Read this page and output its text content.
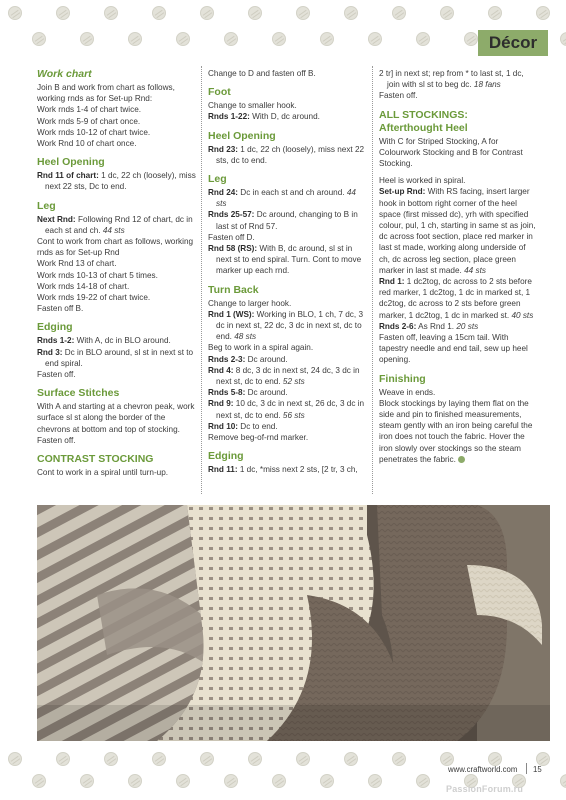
Décor
Work chart
Join B and work from chart as follows,
working rnds as for Set-up Rnd:
Work rnds 1-4 of chart twice.
Work rnds 5-9 of chart once.
Work rnds 10-12 of chart twice.
Work Rnd 10 of chart once.
Heel Opening
Rnd 11 of chart: 1 dc, 22 ch (loosely), miss next 22 sts, Dc to end.
Leg
Next Rnd: Following Rnd 12 of chart, dc in each st and ch. 44 sts
Cont to work from chart as follows, working rnds as for Set-up Rnd
Work Rnd 13 of chart.
Work rnds 10-13 of chart 5 times.
Work rnds 14-18 of chart.
Work rnds 19-22 of chart twice.
Fasten off B.
Edging
Rnds 1-2: With A, dc in BLO around.
Rnd 3: Dc in BLO around, sl st in next st to end spiral.
Fasten off.
Surface Stitches
With A and starting at a chevron peak, work surface sl st along the border of the chevrons at bottom and top of stocking. Fasten off.
CONTRAST STOCKING
Cont to work in a spiral until turn-up.
Change to D and fasten off B.
Foot
Change to smaller hook.
Rnds 1-22: With D, dc around.
Heel Opening
Rnd 23: 1 dc, 22 ch (loosely), miss next 22 sts, dc to end.
Leg
Rnd 24: Dc in each st and ch around. 44 sts
Rnds 25-57: Dc around, changing to B in last st of Rnd 57.
Fasten off D.
Rnd 58 (RS): With B, dc around, sl st in next st to end spiral. Turn. Cont to move marker up each rnd.
Turn Back
Change to larger hook.
Rnd 1 (WS): Working in BLO, 1 ch, 7 dc, 3 dc in next st, 22 dc, 3 dc in next st, dc to end. 48 sts
Beg to work in a spiral again.
Rnds 2-3: Dc around.
Rnd 4: 8 dc, 3 dc in next st, 24 dc, 3 dc in next st, dc to end. 52 sts
Rnds 5-8: Dc around.
Rnd 9: 10 dc, 3 dc in next st, 26 dc, 3 dc in next st, dc to end. 56 sts
Rnd 10: Dc to end.
Remove beg-of-rnd marker.
Edging
Rnd 11: 1 dc, *miss next 2 sts, [2 tr, 3 ch,
2 tr] in next st; rep from * to last st, 1 dc, join with sl st to beg dc. 18 fans
Fasten off.
ALL STOCKINGS:
Afterthought Heel
With C for Striped Stocking, A for Colourwork Stocking and B for Contrast Stocking.
Heel is worked in spiral.
Set-up Rnd: With RS facing, insert larger hook in bottom right corner of the heel space (first missed dc), yrh with specified colour, pul, 1 ch, starting in same st as join, dc across foot section, place red marker in last st made, working along underside of ch, dc across leg section, place green marker in last st made. 44 sts
Rnd 1: 1 dc2tog, dc across to 2 sts before red marker, 1 dc2tog, 1 dc in marked st, 1 dc2tog, dc across to 2 sts before green marker, 1 dc2tog, 1 dc in marked st. 40 sts
Rnds 2-6: As Rnd 1. 20 sts
Fasten off, leaving a 15cm tail. With tapestry needle and end tail, sew up heel opening.
Finishing
Weave in ends.
Block stockings by laying them flat on the side and pin to finished measurements, steam gently with an iron being careful the iron does not touch the fabric. Hover the iron slowly over stockings so the steam penetrates the fabric.
www.craftworld.com 15
PassionForum.ru
